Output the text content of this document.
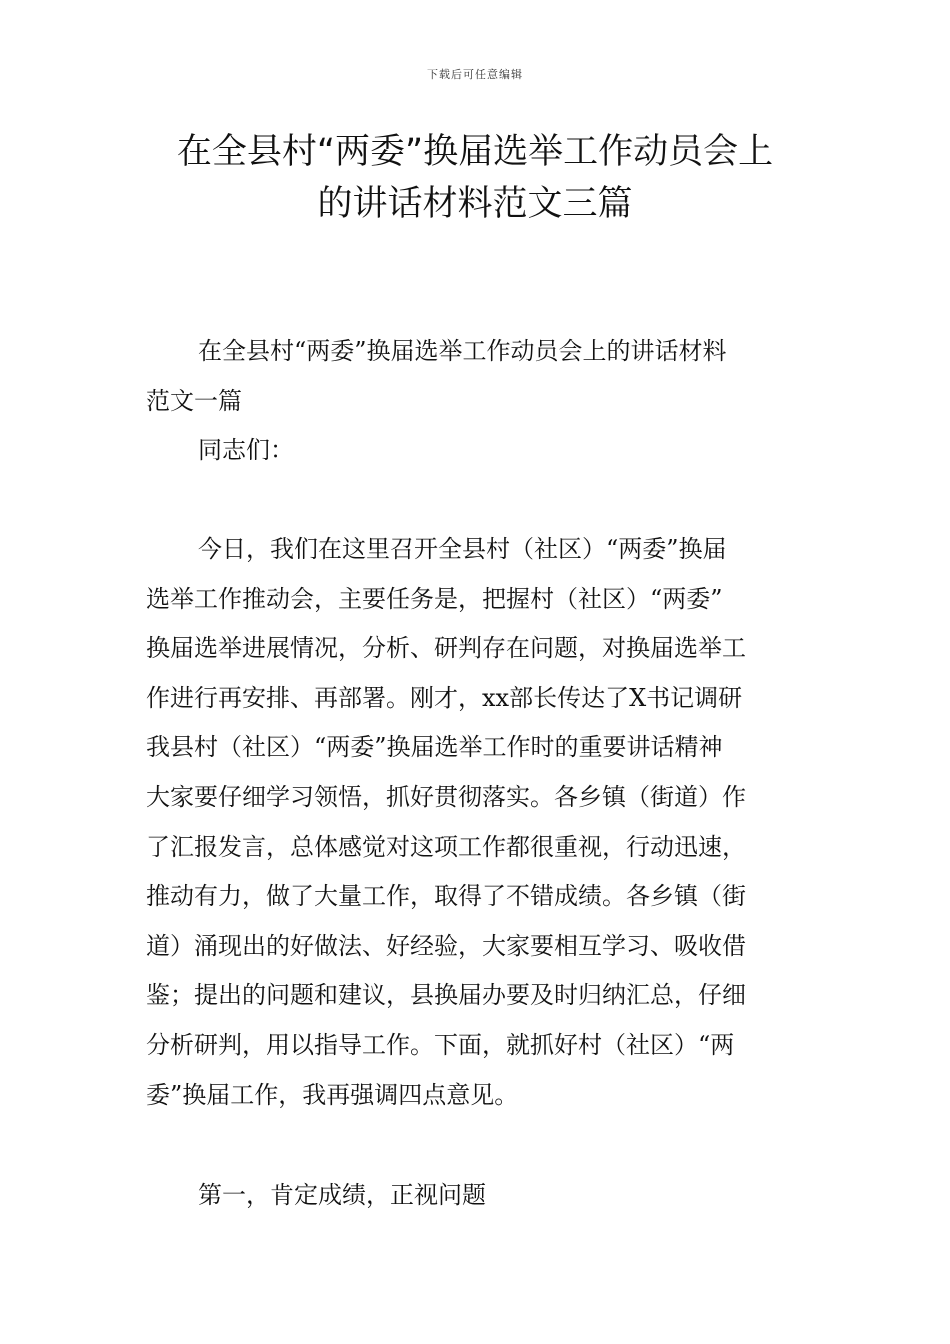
下载后可任意编辑
在全县村“两委”换届选举工作动员会上
的讲话材料范文三篇
在全县村“两委”换届选举工作动员会上的讲话材料
范文一篇
同志们：
今日，我们在这里召开全县村（社区）“两委”换届
选举工作推动会，主要任务是，把握村（社区）“两委”
换届选举进展情况，分析、研判存在问题，对换届选举工
作进行再安排、再部署。刚才，xx部长传达了X书记调研
我县村（社区）“两委”换届选举工作时的重要讲话精神
大家要仔细学习领悟，抓好贯彻落实。各乡镇（街道）作
了汇报发言，总体感觉对这项工作都很重视，行动迅速，
推动有力，做了大量工作，取得了不错成绩。各乡镇（街
道）涌现出的好做法、好经验，大家要相互学习、吸收借
鉴；提出的问题和建议，县换届办要及时归纳汇总，仔细
分析研判，用以指导工作。下面，就抓好村（社区）“两
委”换届工作，我再强调四点意见。
第一，肯定成绩，正视问题
